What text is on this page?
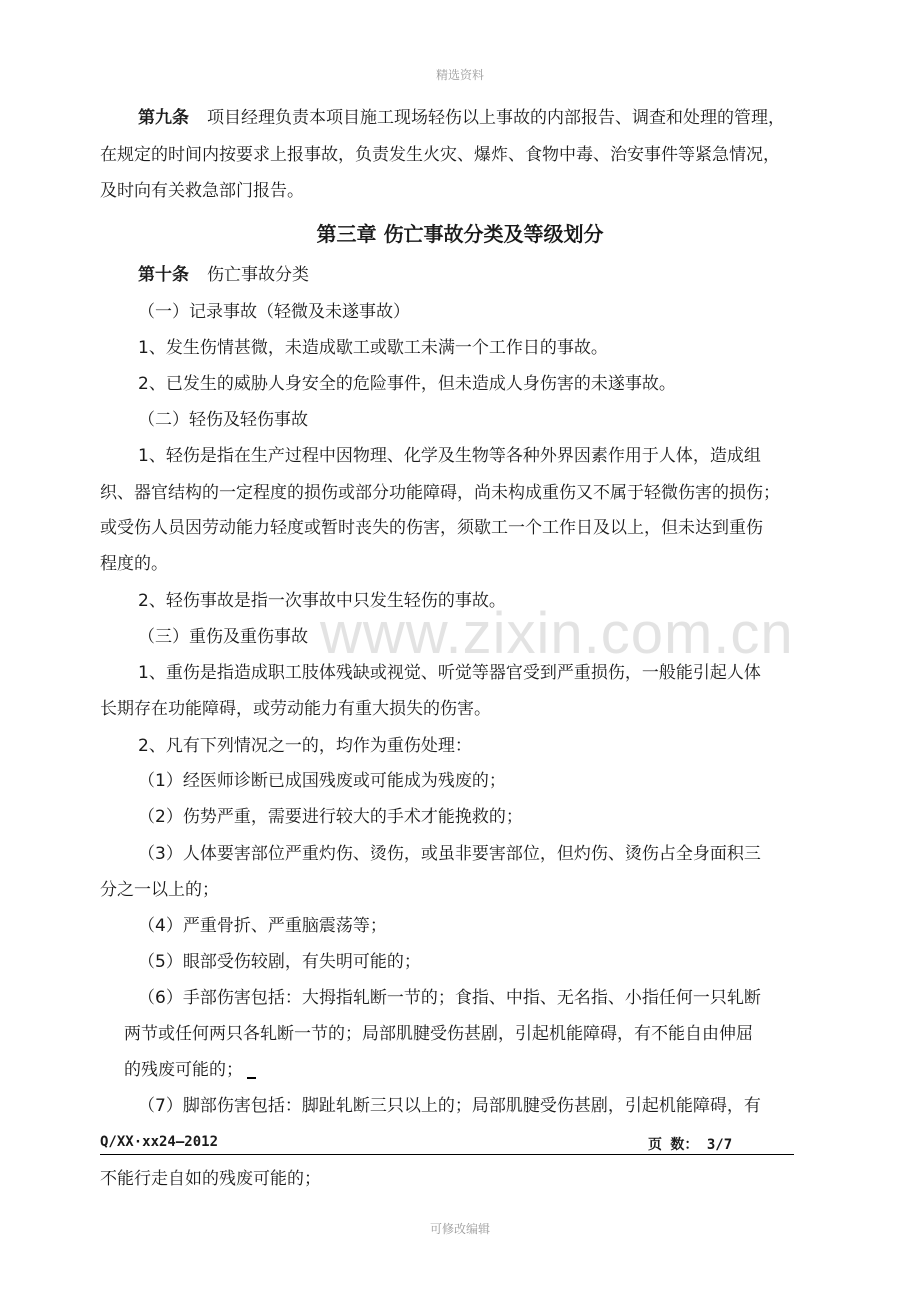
精选资料
www.zixin.com.cn
第九条 项目经理负责本项目施工现场轻伤以上事故的内部报告、调查和处理的管理，
在规定的时间内按要求上报事故，负责发生火灾、爆炸、食物中毒、治安事件等紧急情况，
及时向有关救急部门报告。
第三章 伤亡事故分类及等级划分
第十条 伤亡事故分类
（一）记录事故（轻微及未遂事故）
1、发生伤情甚微，未造成歇工或歇工未满一个工作日的事故。
2、已发生的威胁人身安全的危险事件，但未造成人身伤害的未遂事故。
（二）轻伤及轻伤事故
1、轻伤是指在生产过程中因物理、化学及生物等各种外界因素作用于人体，造成组
织、器官结构的一定程度的损伤或部分功能障碍，尚未构成重伤又不属于轻微伤害的损伤；
或受伤人员因劳动能力轻度或暂时丧失的伤害，须歇工一个工作日及以上，但未达到重伤
程度的。
2、轻伤事故是指一次事故中只发生轻伤的事故。
（三）重伤及重伤事故
1、重伤是指造成职工肢体残缺或视觉、听觉等器官受到严重损伤，一般能引起人体
长期存在功能障碍，或劳动能力有重大损失的伤害。
2、凡有下列情况之一的，均作为重伤处理：
（1）经医师诊断已成国残废或可能成为残废的；
（2）伤势严重，需要进行较大的手术才能挽救的；
（3）人体要害部位严重灼伤、烫伤，或虽非要害部位，但灼伤、烫伤占全身面积三
分之一以上的；
（4）严重骨折、严重脑震荡等；
（5）眼部受伤较剧，有失明可能的；
（6）手部伤害包括：大拇指轧断一节的；食指、中指、无名指、小指任何一只轧断
两节或任何两只各轧断一节的；局部肌腱受伤甚剧，引起机能障碍，有不能自由伸屈
的残废可能的；
（7）脚部伤害包括：脚趾轧断三只以上的；局部肌腱受伤甚剧，引起机能障碍，有
Q/XX·xx24—2012	页 数： 3/7
不能行走自如的残废可能的；
可修改编辑
